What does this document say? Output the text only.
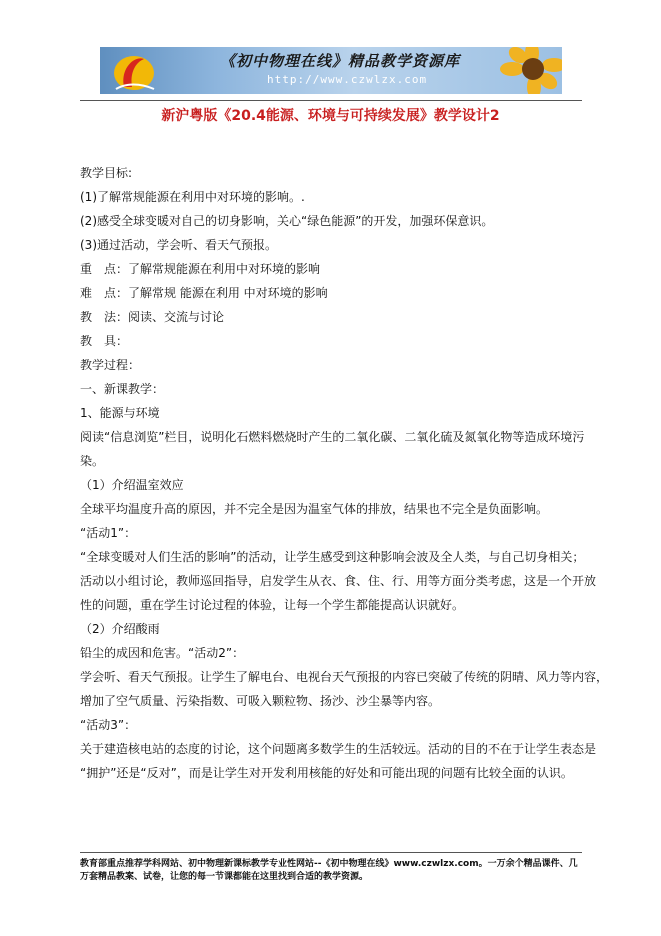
《初中物理在线》精品教学资源库
http://www.czwlzx.com
新沪粤版《20.4能源、环境与可持续发展》教学设计2
教学目标:
(1)了解常规能源在利用中对环境的影响。.
(2)感受全球变暖对自己的切身影响，关心“绿色能源”的开发，加强环保意识。
(3)通过活动，学会听、看天气预报。
重　点：了解常规能源在利用中对环境的影响
难　点：了解常规 能源在利用 中对环境的影响
教　法：阅读、交流与讨论
教　具：
教学过程：
一、新课教学：
1、能源与环境
阅读“信息浏览”栏目，说明化石燃料燃烧时产生的二氧化碳、二氧化硫及氮氧化物等造成环境污
染。
（1）介绍温室效应
全球平均温度升高的原因，并不完全是因为温室气体的排放，结果也不完全是负面影响。
“活动1”：
“全球变暖对人们生活的影响”的活动，让学生感受到这种影响会波及全人类，与自己切身相关；
活动以小组讨论，教师巡回指导，启发学生从衣、食、住、行、用等方面分类考虑，这是一个开放
性的问题，重在学生讨论过程的体验，让每一个学生都能提高认识就好。
（2）介绍酸雨
铅尘的成因和危害。“活动2”：
学会听、看天气预报。让学生了解电台、电视台天气预报的内容已突破了传统的阴晴、风力等内容，
增加了空气质量、污染指数、可吸入颗粒物、扬沙、沙尘暴等内容。
“活动3”：
关于建造核电站的态度的讨论，这个问题离多数学生的生活较远。活动的目的不在于让学生表态是
“拥护”还是“反对”，而是让学生对开发利用核能的好处和可能出现的问题有比较全面的认识。
教育部重点推荐学科网站、初中物理新课标教学专业性网站--《初中物理在线》www.czwlzx.com。一万余个精品课件、几万套精品教案、试卷，让您的每一节课都能在这里找到合适的教学资源。
